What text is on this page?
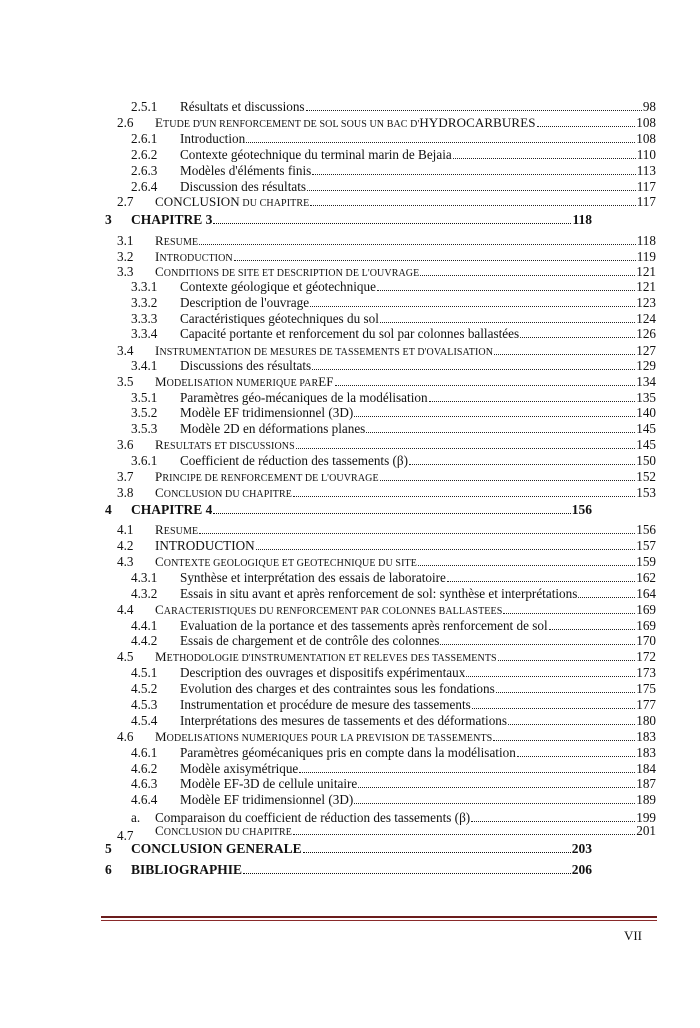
2.5.1 Résultats et discussions	98
2.6 ETUDE D'UN RENFORCEMENT DE SOL SOUS UN BAC D'HYDROCARBURES	108
2.6.1 Introduction	108
2.6.2 Contexte géotechnique du terminal marin de Bejaia	110
2.6.3 Modèles d'éléments finis	113
2.6.4 Discussion des résultats	117
2.7 CONCLUSION DU CHAPITRE	117
3 CHAPITRE 3	118
3.1 RESUME	118
3.2 INTRODUCTION	119
3.3 CONDITIONS DE SITE ET DESCRIPTION DE L'OUVRAGE	121
3.3.1 Contexte géologique et géotechnique	121
3.3.2 Description de l'ouvrage	123
3.3.3 Caractéristiques géotechniques du sol	124
3.3.4 Capacité portante et renforcement du sol par colonnes ballastées	126
3.4 INSTRUMENTATION DE MESURES DE TASSEMENTS ET D'OVALISATION	127
3.4.1 Discussions des résultats	129
3.5 MODELISATION NUMERIQUE PAREF	134
3.5.1 Paramètres géo-mécaniques de la modélisation	135
3.5.2 Modèle EF tridimensionnel (3D)	140
3.5.3 Modèle 2D en déformations planes	145
3.6 RESULTATS ET DISCUSSIONS	145
3.6.1 Coefficient de réduction des tassements (β)	150
3.7 PRINCIPE DE RENFORCEMENT DE L'OUVRAGE	152
3.8 CONCLUSION DU CHAPITRE	153
4 CHAPITRE 4	156
4.1 RESUME	156
4.2 INTRODUCTION	157
4.3 CONTEXTE GEOLOGIQUE ET GEOTECHNIQUE DU SITE	159
4.3.1 Synthèse et interprétation des essais de laboratoire	162
4.3.2 Essais in situ avant et après renforcement de sol: synthèse et interprétations	164
4.4 CARACTERISTIQUES DU RENFORCEMENT PAR COLONNES BALLASTEES	169
4.4.1 Evaluation de la portance et des tassements après renforcement de sol	169
4.4.2 Essais de chargement et de contrôle des colonnes	170
4.5 METHODOLOGIE D'INSTRUMENTATION ET RELEVES DES TASSEMENTS	172
4.5.1 Description des ouvrages et dispositifs expérimentaux	173
4.5.2 Evolution des charges et des contraintes sous les fondations	175
4.5.3 Instrumentation et procédure de mesure des tassements	177
4.5.4 Interprétations des mesures de tassements et des déformations	180
4.6 MODELISATIONS NUMERIQUES POUR LA PREVISION DE TASSEMENTS	183
4.6.1 Paramètres géomécaniques pris en compte dans la modélisation	183
4.6.2 Modèle axisymétrique	184
4.6.3 Modèle EF-3D de cellule unitaire	187
4.6.4 Modèle EF tridimensionnel (3D)	189
a. Comparaison du coefficient de réduction des tassements (β)	199
4.7 CONCLUSION DU CHAPITRE	201
5 CONCLUSION GENERALE	203
6 BIBLIOGRAPHIE	206
VII
